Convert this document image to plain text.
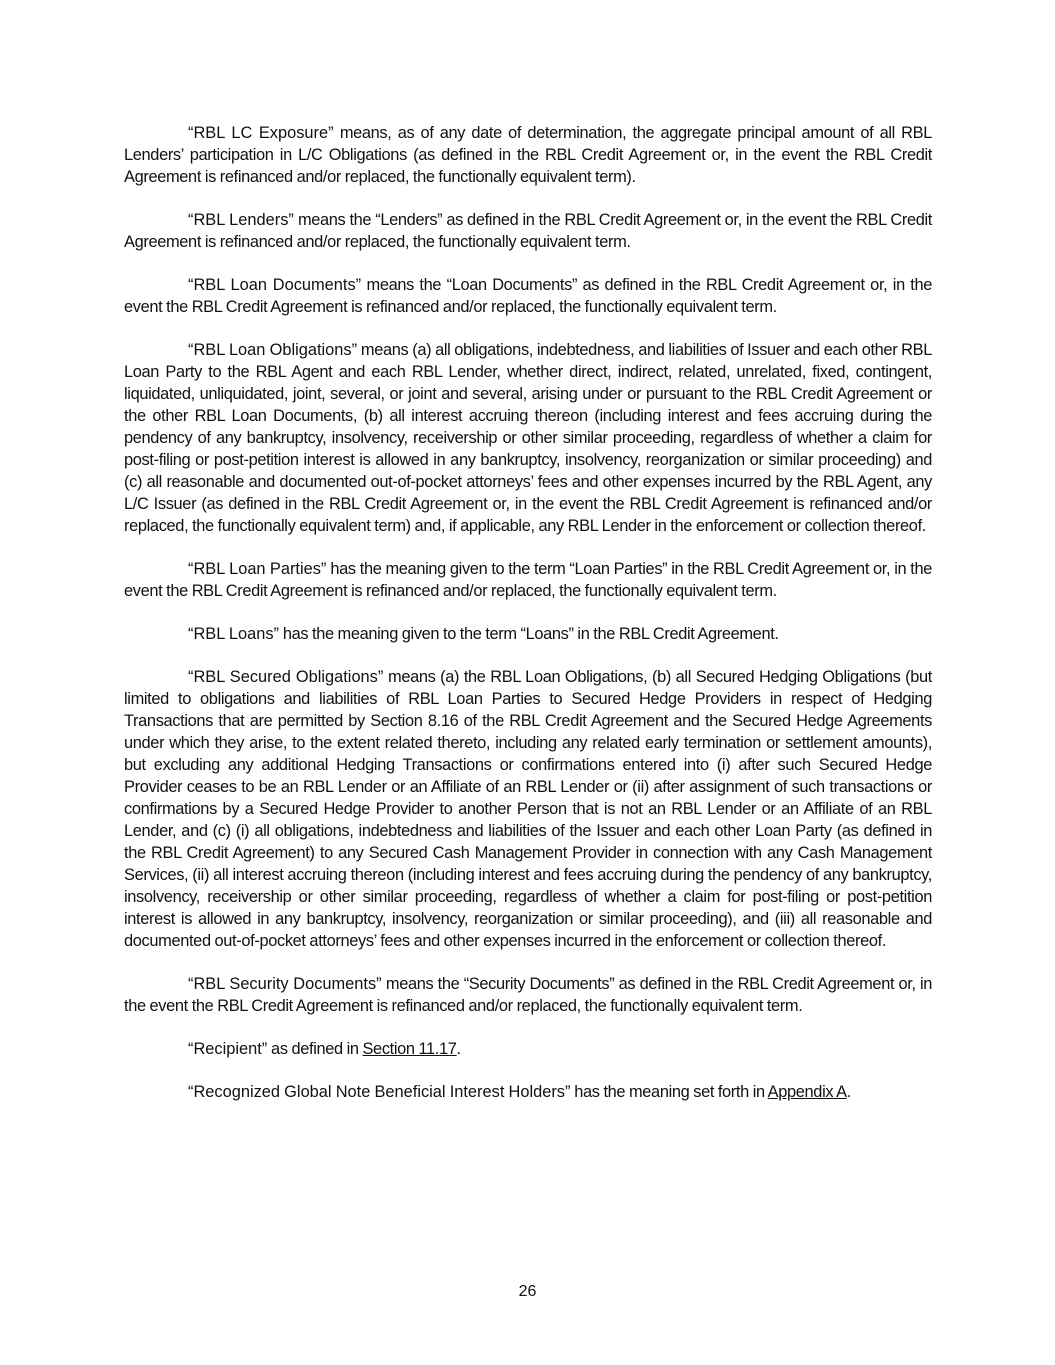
“RBL LC Exposure” means, as of any date of determination, the aggregate principal amount of all RBL Lenders’ participation in L/C Obligations (as defined in the RBL Credit Agreement or, in the event the RBL Credit Agreement is refinanced and/or replaced, the functionally equivalent term).

“RBL Lenders” means the “Lenders” as defined in the RBL Credit Agreement or, in the event the RBL Credit Agreement is refinanced and/or replaced, the functionally equivalent term.

“RBL Loan Documents” means the “Loan Documents” as defined in the RBL Credit Agreement or, in the event the RBL Credit Agreement is refinanced and/or replaced, the functionally equivalent term.

“RBL Loan Obligations” means (a) all obligations, indebtedness, and liabilities of Issuer and each other RBL Loan Party to the RBL Agent and each RBL Lender, whether direct, indirect, related, unrelated, fixed, contingent, liquidated, unliquidated, joint, several, or joint and several, arising under or pursuant to the RBL Credit Agreement or the other RBL Loan Documents, (b) all interest accruing thereon (including interest and fees accruing during the pendency of any bankruptcy, insolvency, receivership or other similar proceeding, regardless of whether a claim for post-filing or post-petition interest is allowed in any bankruptcy, insolvency, reorganization or similar proceeding) and (c) all reasonable and documented out-of-pocket attorneys’ fees and other expenses incurred by the RBL Agent, any L/C Issuer (as defined in the RBL Credit Agreement or, in the event the RBL Credit Agreement is refinanced and/or replaced, the functionally equivalent term) and, if applicable, any RBL Lender in the enforcement or collection thereof.

“RBL Loan Parties” has the meaning given to the term “Loan Parties” in the RBL Credit Agreement or, in the event the RBL Credit Agreement is refinanced and/or replaced, the functionally equivalent term.

“RBL Loans” has the meaning given to the term “Loans” in the RBL Credit Agreement.

“RBL Secured Obligations” means (a) the RBL Loan Obligations, (b) all Secured Hedging Obligations (but limited to obligations and liabilities of RBL Loan Parties to Secured Hedge Providers in respect of Hedging Transactions that are permitted by Section 8.16 of the RBL Credit Agreement and the Secured Hedge Agreements under which they arise, to the extent related thereto, including any related early termination or settlement amounts), but excluding any additional Hedging Transactions or confirmations entered into (i) after such Secured Hedge Provider ceases to be an RBL Lender or an Affiliate of an RBL Lender or (ii) after assignment of such transactions or confirmations by a Secured Hedge Provider to another Person that is not an RBL Lender or an Affiliate of an RBL Lender, and (c) (i) all obligations, indebtedness and liabilities of the Issuer and each other Loan Party (as defined in the RBL Credit Agreement) to any Secured Cash Management Provider in connection with any Cash Management Services, (ii) all interest accruing thereon (including interest and fees accruing during the pendency of any bankruptcy, insolvency, receivership or other similar proceeding, regardless of whether a claim for post-filing or post-petition interest is allowed in any bankruptcy, insolvency, reorganization or similar proceeding), and (iii) all reasonable and documented out-of-pocket attorneys’ fees and other expenses incurred in the enforcement or collection thereof.

“RBL Security Documents” means the “Security Documents” as defined in the RBL Credit Agreement or, in the event the RBL Credit Agreement is refinanced and/or replaced, the functionally equivalent term.

“Recipient” as defined in Section 11.17.

“Recognized Global Note Beneficial Interest Holders” has the meaning set forth in Appendix A.

26
